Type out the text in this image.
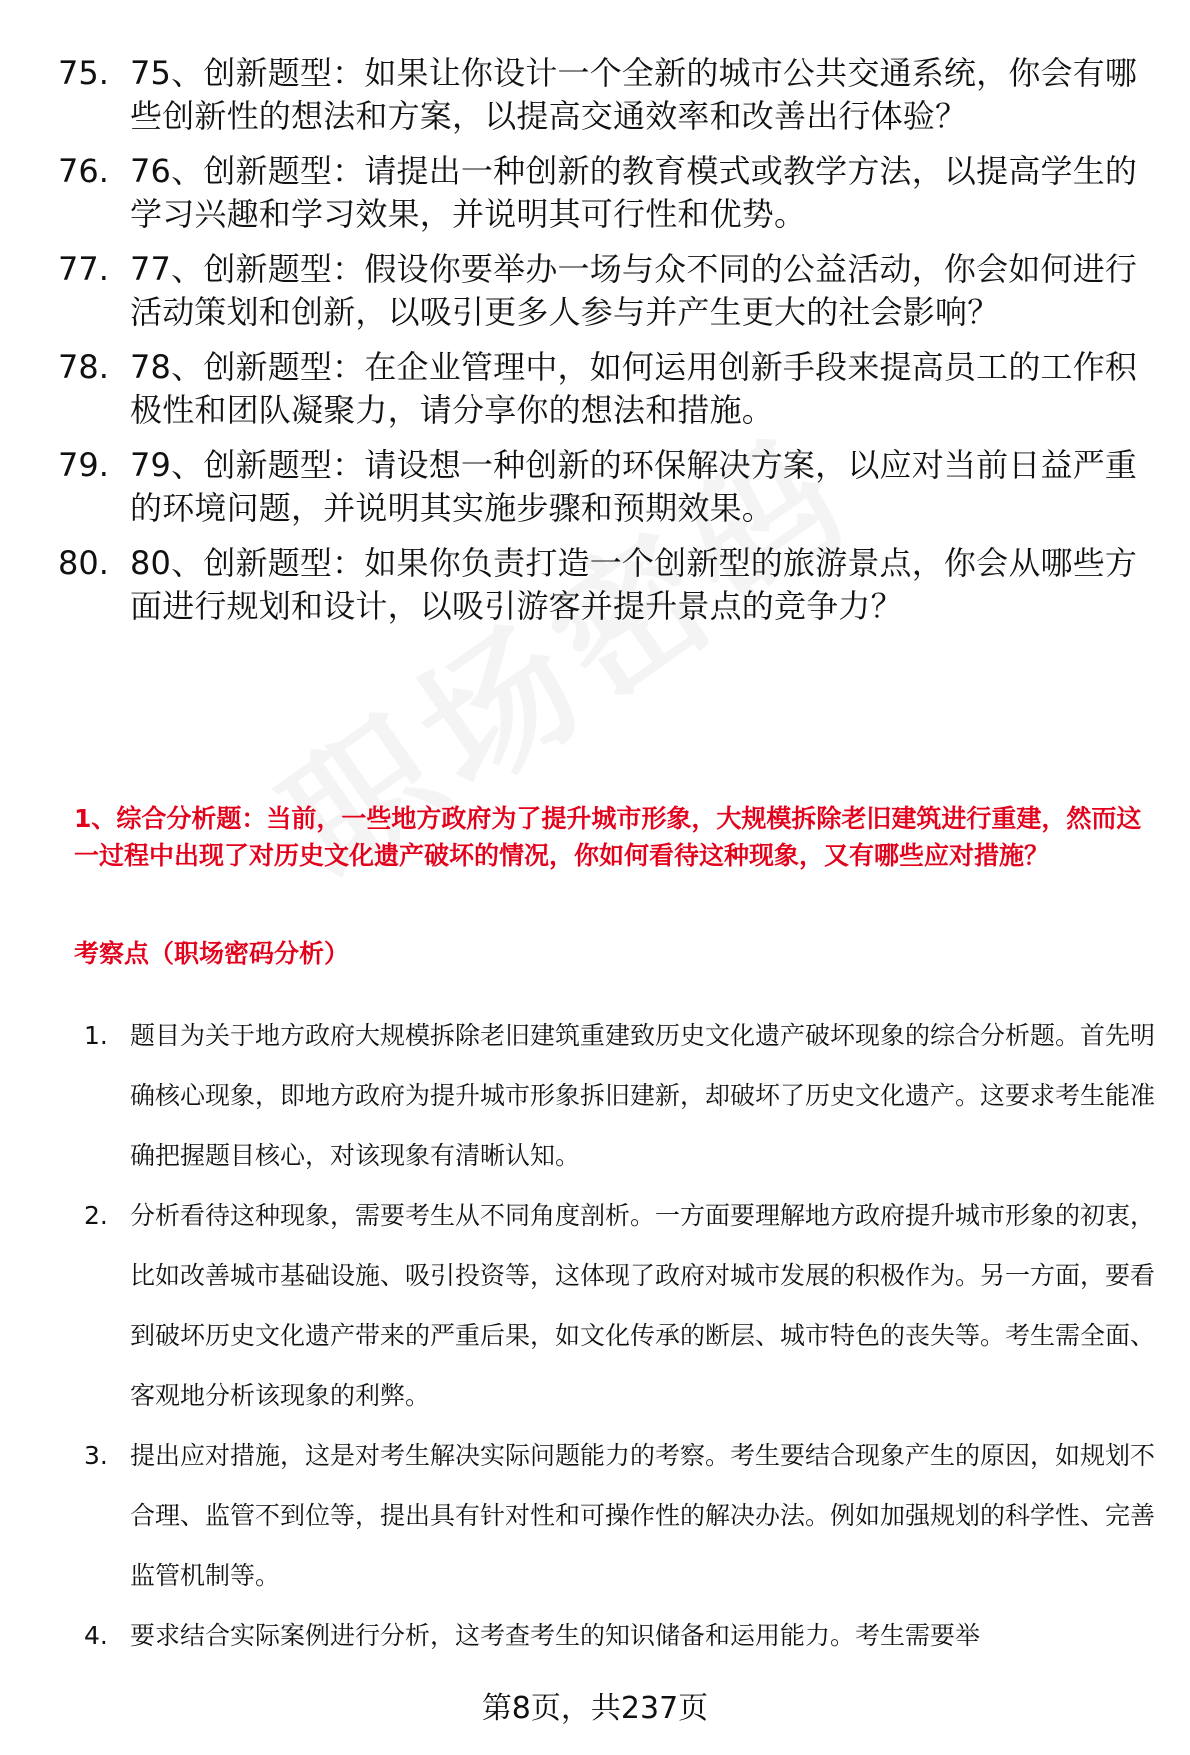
75. 75、创新题型：如果让你设计一个全新的城市公共交通系统，你会有哪些创新性的想法和方案，以提高交通效率和改善出行体验？
76. 76、创新题型：请提出一种创新的教育模式或教学方法，以提高学生的学习兴趣和学习效果，并说明其可行性和优势。
77. 77、创新题型：假设你要举办一场与众不同的公益活动，你会如何进行活动策划和创新，以吸引更多人参与并产生更大的社会影响？
78. 78、创新题型：在企业管理中，如何运用创新手段来提高员工的工作积极性和团队凝聚力，请分享你的想法和措施。
79. 79、创新题型：请设想一种创新的环保解决方案，以应对当前日益严重的环境问题，并说明其实施步骤和预期效果。
80. 80、创新题型：如果你负责打造一个创新型的旅游景点，你会从哪些方面进行规划和设计，以吸引游客并提升景点的竞争力？
1、综合分析题：当前，一些地方政府为了提升城市形象，大规模拆除老旧建筑进行重建，然而这一过程中出现了对历史文化遗产破坏的情况，你如何看待这种现象，又有哪些应对措施？
考察点（职场密码分析）
1. 题目为关于地方政府大规模拆除老旧建筑重建致历史文化遗产破坏现象的综合分析题。首先明确核心现象，即地方政府为提升城市形象拆旧建新，却破坏了历史文化遗产。这要求考生能准确把握题目核心，对该现象有清晰认知。
2. 分析看待这种现象，需要考生从不同角度剖析。一方面要理解地方政府提升城市形象的初衷，比如改善城市基础设施、吸引投资等，这体现了政府对城市发展的积极作为。另一方面，要看到破坏历史文化遗产带来的严重后果，如文化传承的断层、城市特色的丧失等。考生需全面、客观地分析该现象的利弊。
3. 提出应对措施，这是对考生解决实际问题能力的考察。考生要结合现象产生的原因，如规划不合理、监管不到位等，提出具有针对性和可操作性的解决办法。例如加强规划的科学性、完善监管机制等。
4. 要求结合实际案例进行分析，这考查考生的知识储备和运用能力。考生需要举
第8页，共237页
